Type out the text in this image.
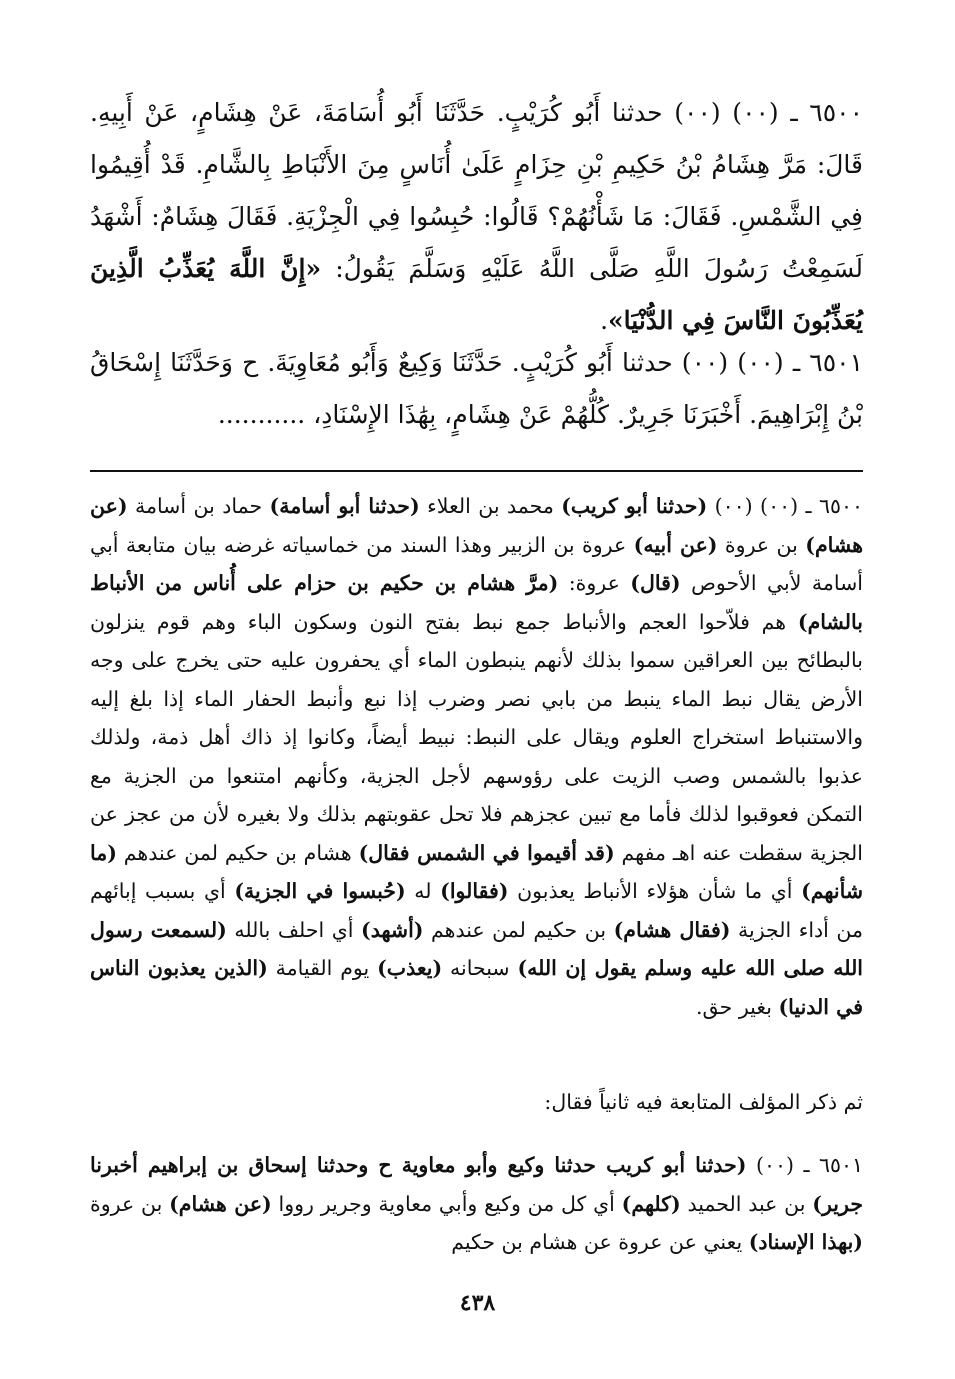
٦٥٠٠ ـ (٠٠) (٠٠) حدثنا أَبُو كُرَيْبٍ. حَدَّثَنَا أَبُو أُسَامَةَ، عَنْ هِشَامٍ، عَنْ أَبِيهِ. قَالَ: مَرَّ هِشَامُ بْنُ حَكِيمِ بْنِ حِزَامٍ عَلَىٰ أُنَاسٍ مِنَ الأَنْبَاطِ بِالشَّامِ. قَدْ أُقِيمُوا فِي الشَّمْسِ. فَقَالَ: مَا شَأْنُهُمْ؟ قَالُوا: حُبِسُوا فِي الْجِزْيَةِ. فَقَالَ هِشَامٌ: أَشْهَدُ لَسَمِعْتُ رَسُولَ اللَّهِ صَلَّى اللَّهُ عَلَيْهِ وَسَلَّمَ يَقُولُ: «إِنَّ اللَّهَ يُعَذِّبُ الَّذِينَ يُعَذِّبُونَ النَّاسَ فِي الدُّنْيَا».

٦٥٠١ ـ (٠٠) (٠٠) حدثنا أَبُو كُرَيْبٍ. حَدَّثَنَا وَكِيعٌ وَأَبُو مُعَاوِيَةَ. ح وَحَدَّثَنَا إِسْحَاقُ بْنُ إِبْرَاهِيمَ. أَخْبَرَنَا جَرِيرٌ. كُلُّهُمْ عَنْ هِشَامٍ، بِهَٰذَا الإِسْنَادِ، ...........

٦٥٠٠ ـ (٠٠) (٠٠) (حدثنا أبو كريب) محمد بن العلاء (حدثنا أبو أسامة) حماد بن أسامة (عن هشام) بن عروة (عن أبيه) عروة بن الزبير وهذا السند من خماسياته غرضه بيان متابعة أبي أسامة لأبي الأحوص (قال) عروة: (مرَّ هشام بن حكيم بن حزام على أُناس من الأنباط بالشام) هم فلاّحوا العجم والأنباط جمع نبط بفتح النون وسكون الباء وهم قوم ينزلون بالبطائح بين العراقين سموا بذلك لأنهم ينبطون الماء أي يحفرون عليه حتى يخرج على وجه الأرض يقال نبط الماء ينبط من بابي نصر وضرب إذا نبع وأنبط الحفار الماء إذا بلغ إليه والاستنباط استخراج العلوم ويقال على النبط: نبيط أيضاً، وكانوا إذ ذاك أهل ذمة، ولذلك عذبوا بالشمس وصب الزيت على رؤوسهم لأجل الجزية، وكأنهم امتنعوا من الجزية مع التمكن فعوقبوا لذلك فأما مع تبين عجزهم فلا تحل عقوبتهم بذلك ولا بغيره لأن من عجز عن الجزية سقطت عنه اهـ مفهم (قد أقيموا في الشمس فقال) هشام بن حكيم لمن عندهم (ما شأنهم) أي ما شأن هؤلاء الأنباط يعذبون (فقالوا) له (حُبسوا في الجزية) أي بسبب إبائهم من أداء الجزية (فقال هشام) بن حكيم لمن عندهم (أشهد) أي احلف بالله (لسمعت رسول الله صلى الله عليه وسلم يقول إن الله) سبحانه (يعذب) يوم القيامة (الذين يعذبون الناس في الدنيا) بغير حق.

ثم ذكر المؤلف المتابعة فيه ثانياً فقال:

٦٥٠١ ـ (٠٠) (حدثنا أبو كريب حدثنا وكيع وأبو معاوية ح وحدثنا إسحاق بن إبراهيم أخبرنا جرير) بن عبد الحميد (كلهم) أي كل من وكيع وأبي معاوية وجرير رووا (عن هشام) بن عروة (بهذا الإسناد) يعني عن عروة عن هشام بن حكيم

٤٣٨
